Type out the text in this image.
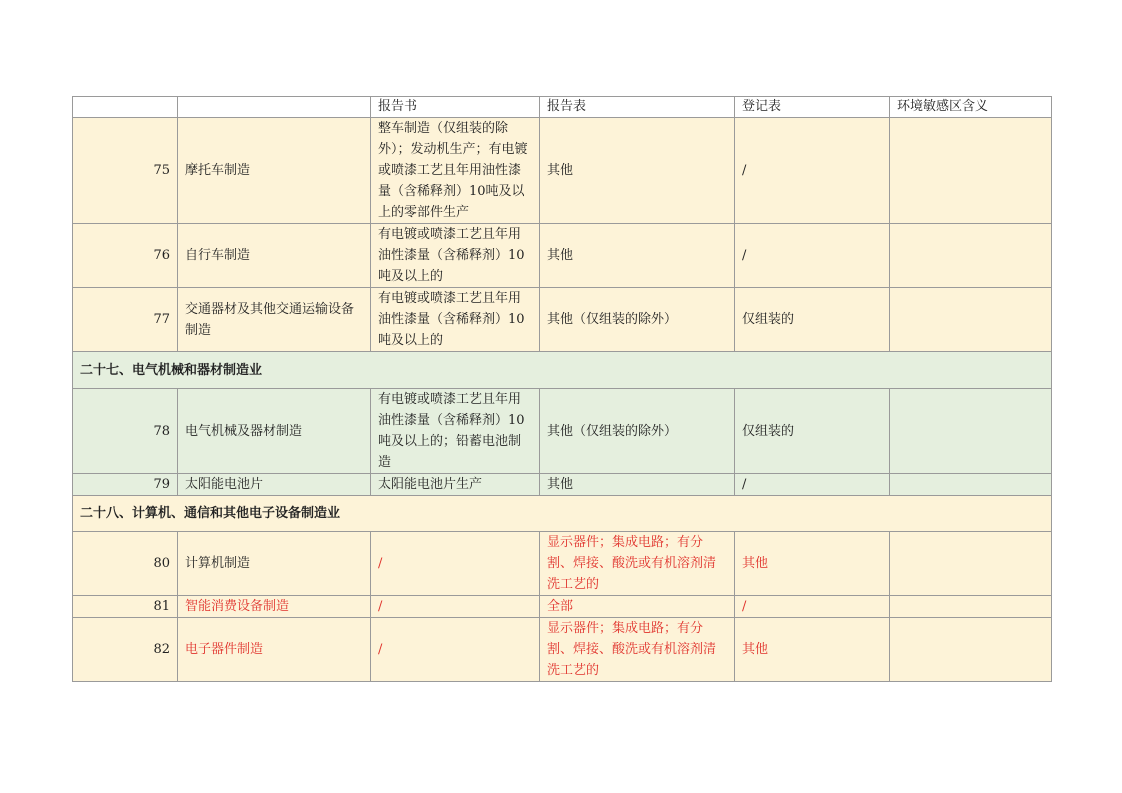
		报告书	报告表	登记表	环境敏感区含义
75	摩托车制造	整车制造（仅组装的除外）；发动机生产；有电镀或喷漆工艺且年用油性漆量（含稀释剂）10吨及以上的零部件生产	其他	/	
76	自行车制造	有电镀或喷漆工艺且年用油性漆量（含稀释剂）10吨及以上的	其他	/	
77	交通器材及其他交通运输设备制造	有电镀或喷漆工艺且年用油性漆量（含稀释剂）10吨及以上的	其他（仅组装的除外）	仅组装的	
二十七、电气机械和器材制造业					
78	电气机械及器材制造	有电镀或喷漆工艺且年用油性漆量（含稀释剂）10吨及以上的；铅蓄电池制造	其他（仅组装的除外）	仅组装的	
79	太阳能电池片	太阳能电池片生产	其他	/	
二十八、计算机、通信和其他电子设备制造业					
80	计算机制造	/	显示器件；集成电路；有分割、焊接、酸洗或有机溶剂清洗工艺的	其他	
81	智能消费设备制造	/	全部	/	
82	电子器件制造	/	显示器件；集成电路；有分割、焊接、酸洗或有机溶剂清洗工艺的	其他	
